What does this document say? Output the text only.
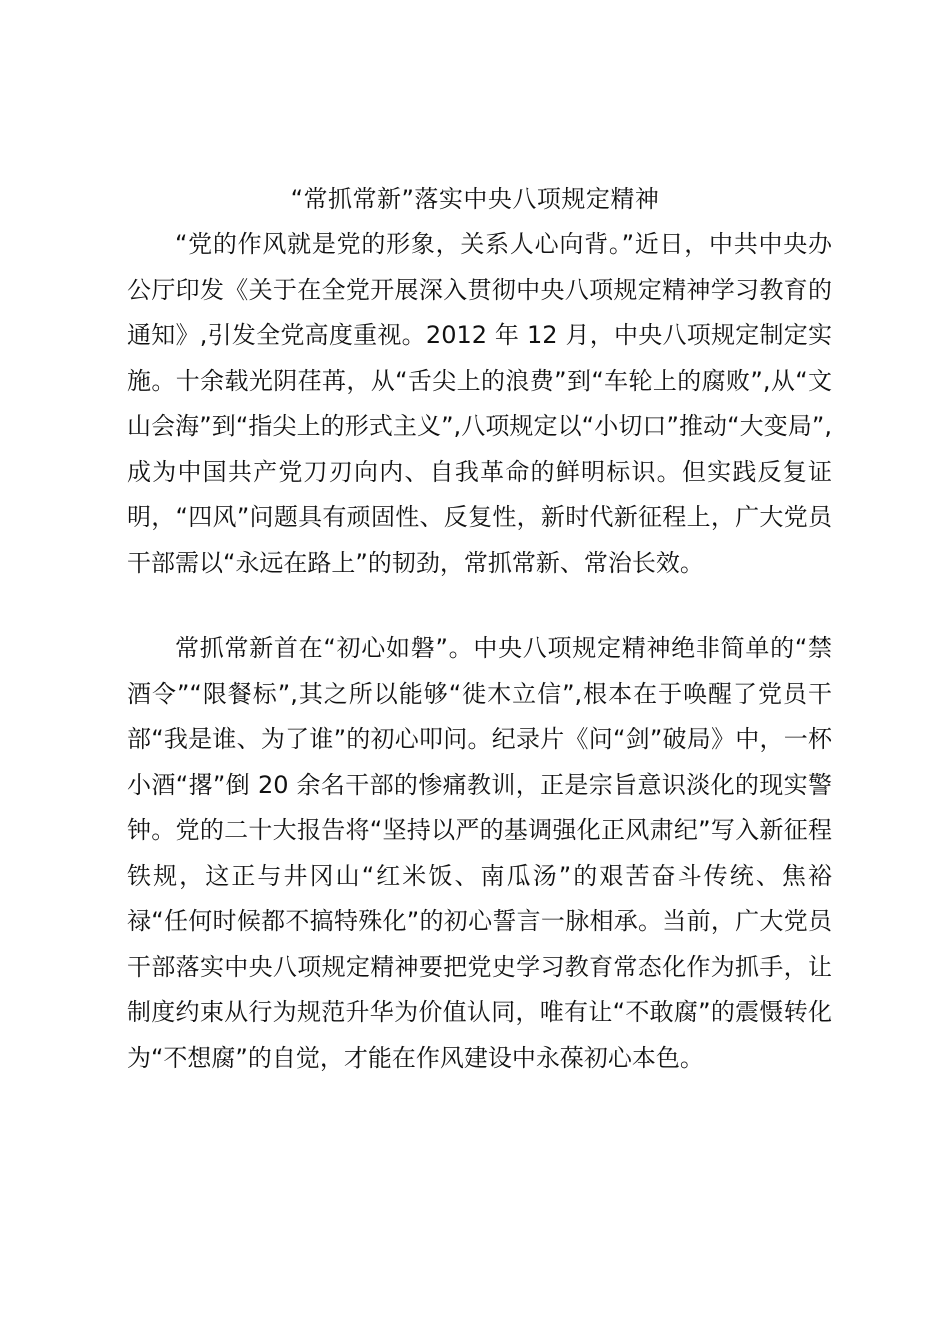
“常抓常新”落实中央八项规定精神

“党的作风就是党的形象，关系人心向背。”近日，中共中央办公厅印发《关于在全党开展深入贯彻中央八项规定精神学习教育的通知》,引发全党高度重视。2012 年 12 月，中央八项规定制定实施。十余载光阴荏苒，从“舌尖上的浪费”到“车轮上的腐败”,从“文山会海”到“指尖上的形式主义”,八项规定以“小切口”推动“大变局”,成为中国共产党刀刃向内、自我革命的鲜明标识。但实践反复证明，“四风”问题具有顽固性、反复性，新时代新征程上，广大党员干部需以“永远在路上”的韧劲，常抓常新、常治长效。

常抓常新首在“初心如磐”。中央八项规定精神绝非简单的“禁酒令”“限餐标”,其之所以能够“徙木立信”,根本在于唤醒了党员干部“我是谁、为了谁”的初心叩问。纪录片《问“剑”破局》中，一杯小酒“撂”倒 20 余名干部的惨痛教训，正是宗旨意识淡化的现实警钟。党的二十大报告将“坚持以严的基调强化正风肃纪”写入新征程铁规，这正与井冈山“红米饭、南瓜汤”的艰苦奋斗传统、焦裕禄“任何时候都不搞特殊化”的初心誓言一脉相承。当前，广大党员干部落实中央八项规定精神要把党史学习教育常态化作为抓手，让制度约束从行为规范升华为价值认同，唯有让“不敢腐”的震慑转化为“不想腐”的自觉，才能在作风建设中永葆初心本色。
